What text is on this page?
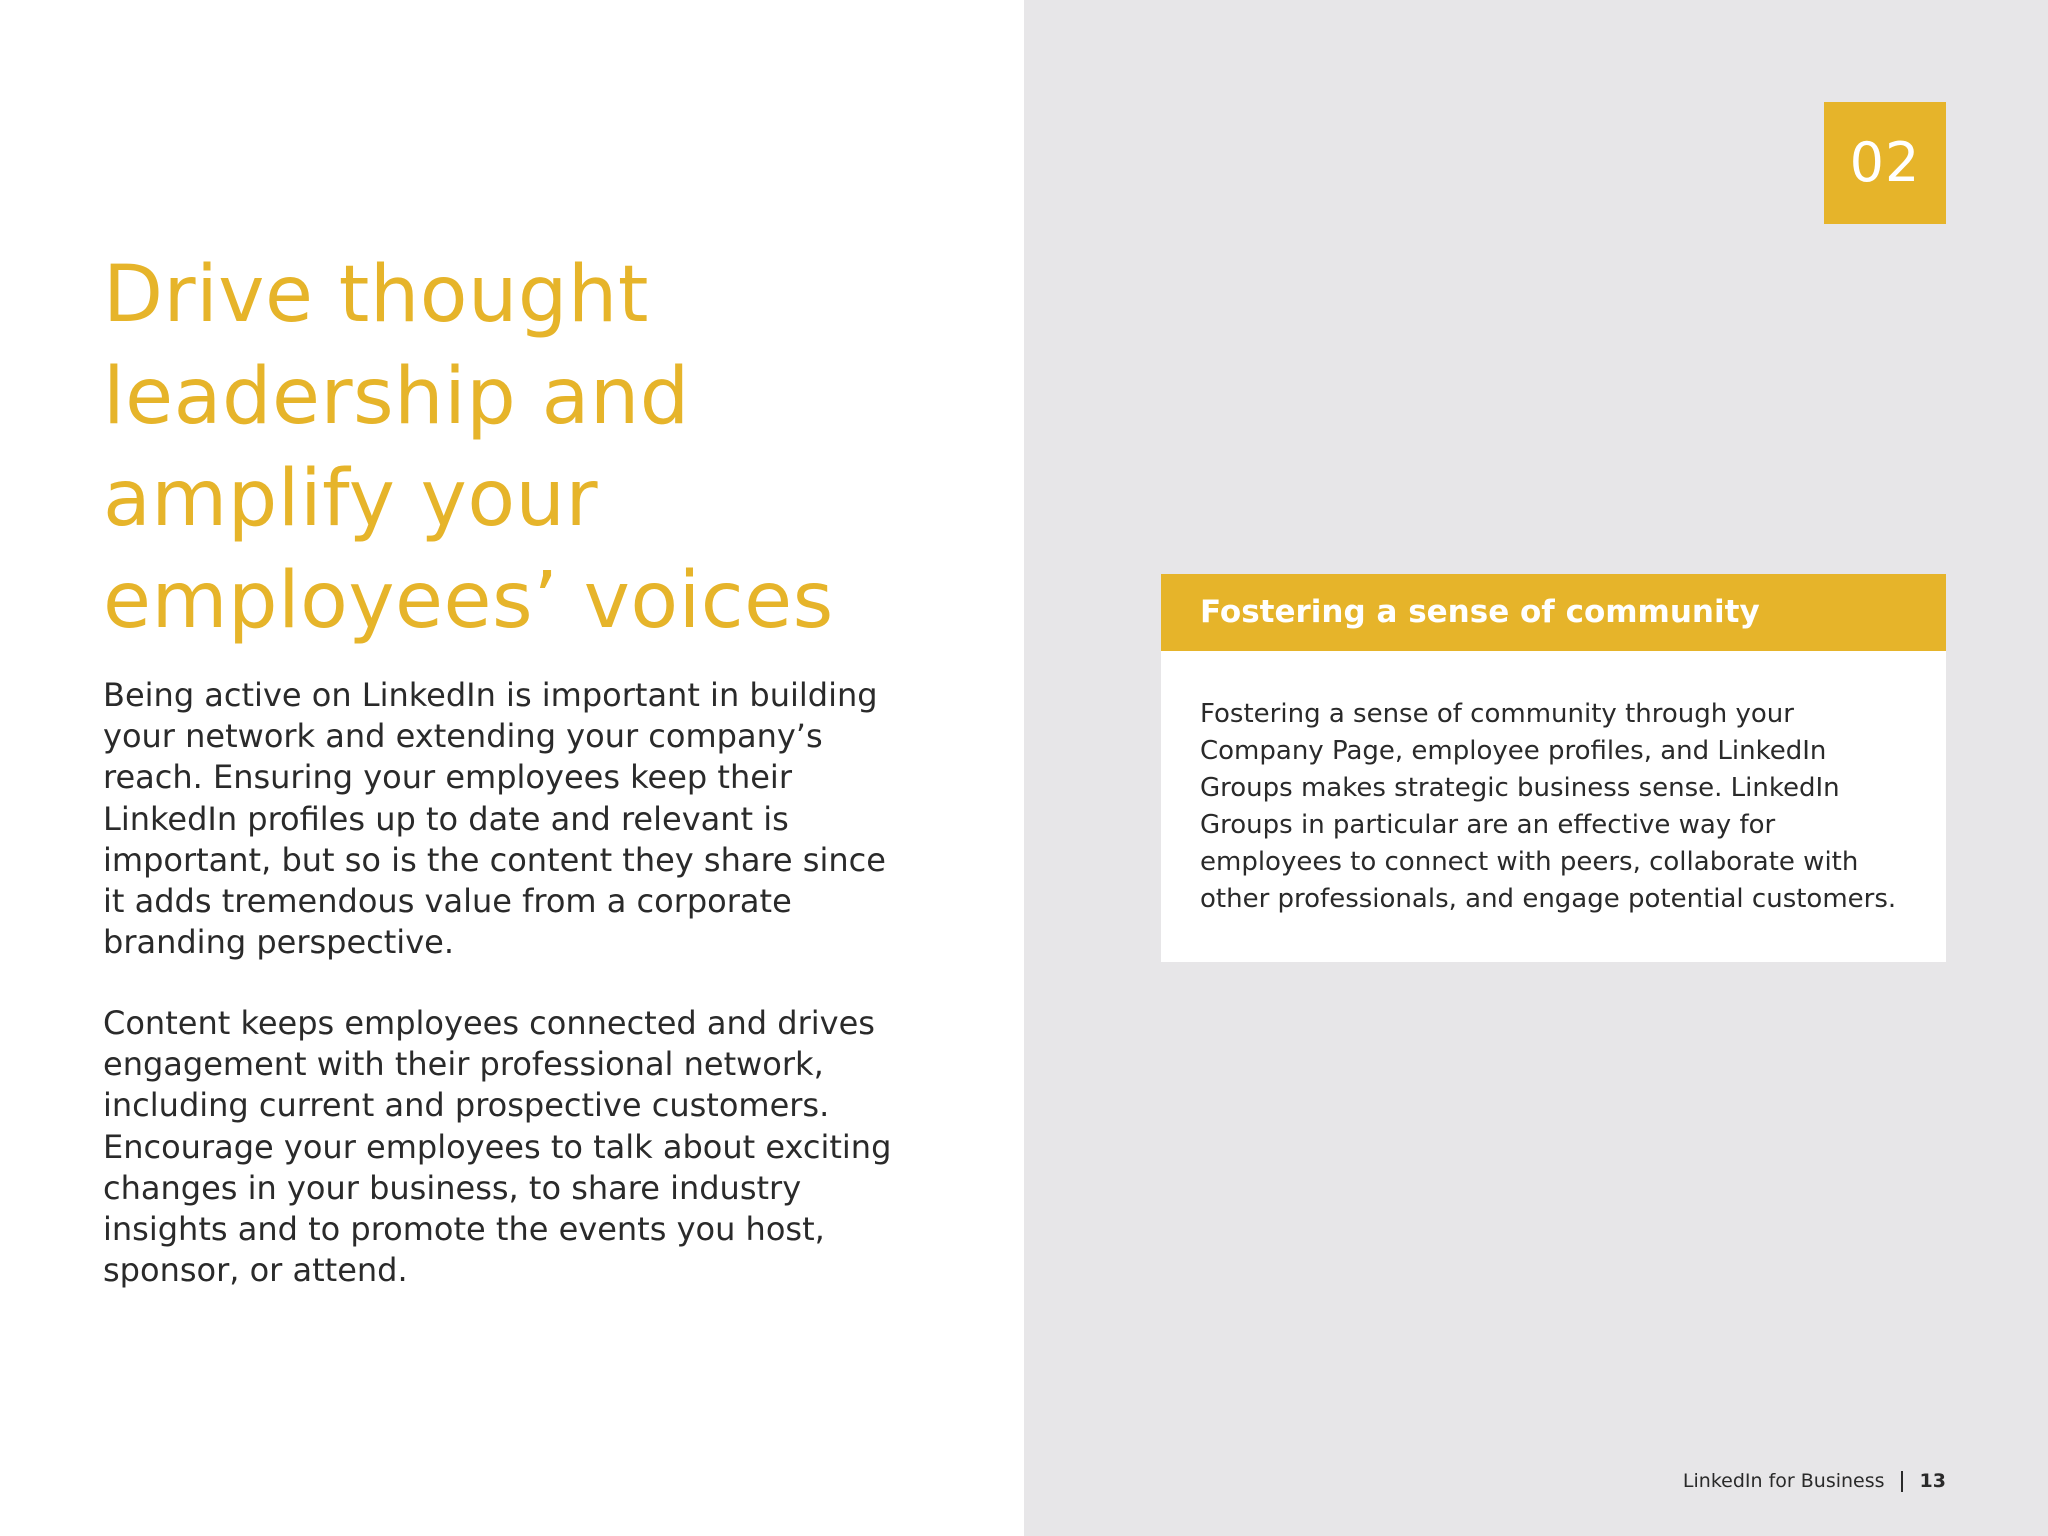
Drive thought
leadership and
amplify your
employees’ voices

Being active on LinkedIn is important in building
your network and extending your company’s
reach. Ensuring your employees keep their
LinkedIn profiles up to date and relevant is
important, but so is the content they share since
it adds tremendous value from a corporate
branding perspective.

Content keeps employees connected and drives
engagement with their professional network,
including current and prospective customers.
Encourage your employees to talk about exciting
changes in your business, to share industry
insights and to promote the events you host,
sponsor, or attend.

02
Fostering a sense of community
Fostering a sense of community through your
Company Page, employee profiles, and LinkedIn
Groups makes strategic business sense. LinkedIn
Groups in particular are an effective way for
employees to connect with peers, collaborate with
other professionals, and engage potential customers.
LinkedIn for Business 13
